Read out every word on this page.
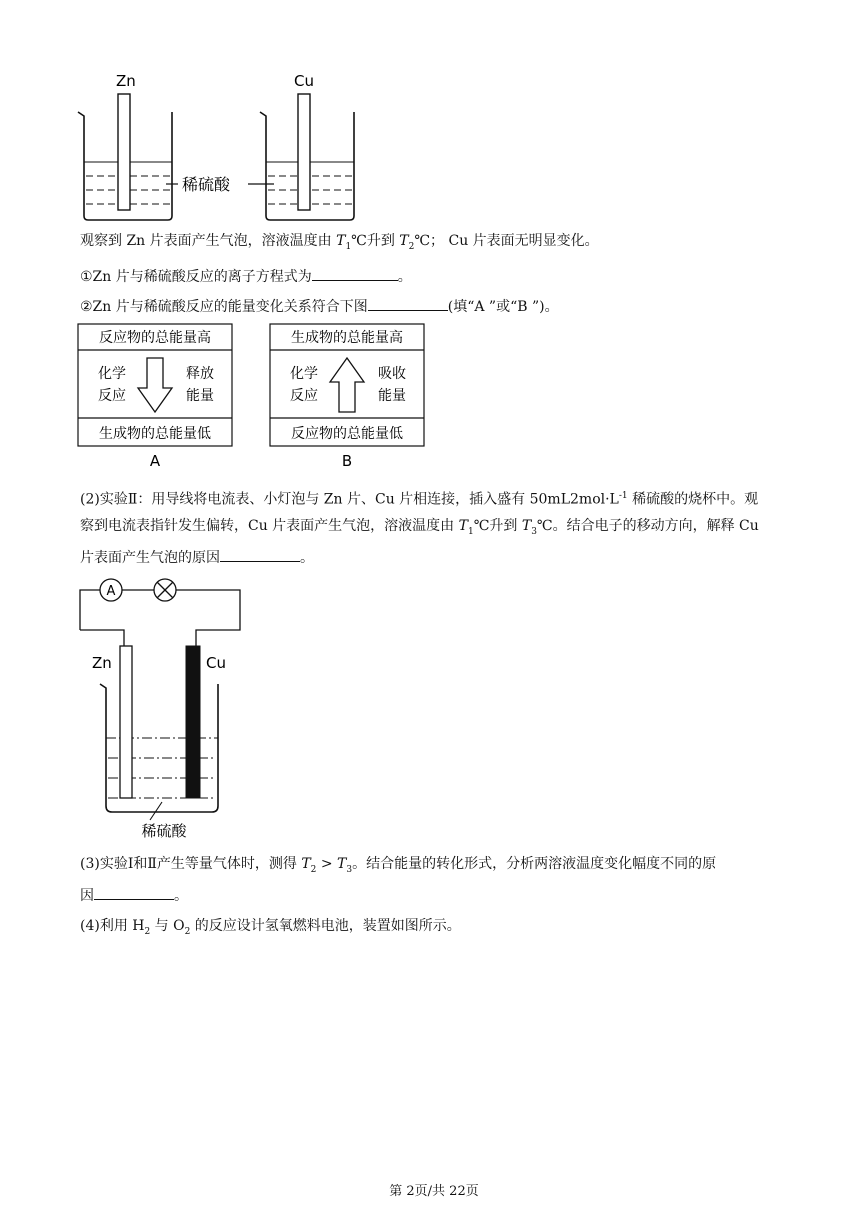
Zn	Cu
稀硫酸
观察到 Zn 片表面产生气泡，溶液温度由 $T_1℃$升到 $T_2℃$； Cu 片表面无明显变化。
①Zn 片与稀硫酸反应的离子方程式为	。
②Zn 片与稀硫酸反应的能量变化关系符合下图	(填“A ”或“B ”)。
反应物的总能量高
化学
反应
释放
能量
生成物的总能量低
A
生成物的总能量高
化学
反应
吸收
能量
反应物的总能量低
B
(2)实验Ⅱ：用导线将电流表、小灯泡与 Zn 片、Cu 片相连接，插入盛有 $50mL2mol\cdot L^{-1}$ 稀硫酸的烧杯中。观
察到电流表指针发生偏转，Cu 片表面产生气泡，溶液温度由 $T_1℃$升到 $T_3℃$。结合电子的移动方向，解释 Cu
片表面产生气泡的原因	。
A
Zn	Cu
稀硫酸
(3)实验Ⅰ和Ⅱ产生等量气体时，测得 $T_2 > T_3$。结合能量的转化形式，分析两溶液温度变化幅度不同的原
因	。
(4)利用 $H_2$ 与 $O_2$ 的反应设计氢氧燃料电池，装置如图所示。
第 2页/共 22页
